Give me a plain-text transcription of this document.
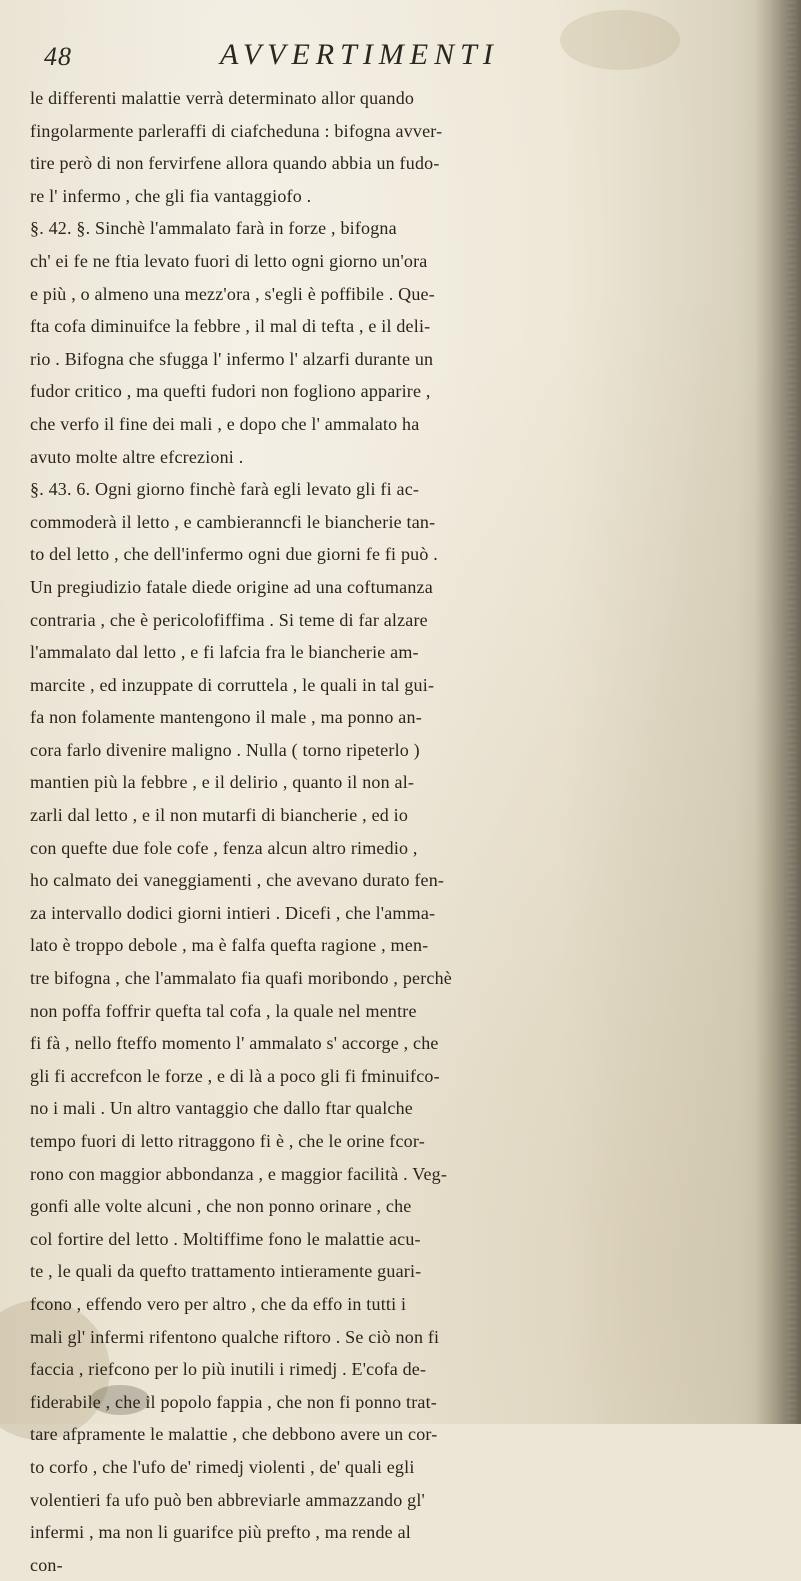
48	AVVERTIMENTI
le differenti malattie verrà determinato allor quando
fingolarmente parleraffi di ciafcheduna : bifogna avver-
tire però di non fervirfene allora quando abbia un fudo-
re l' infermo , che gli fia vantaggiofo .
§. 42. §. Sinchè l'ammalato farà in forze , bifogna
ch' ei fe ne ftia levato fuori di letto ogni giorno un'ora
e più , o almeno una mezz'ora , s'egli è poffibile . Que-
fta cofa diminuifce la febbre , il mal di tefta , e il deli-
rio . Bifogna che sfugga l' infermo l' alzarfi durante un
fudor critico , ma quefti fudori non fogliono apparire ,
che verfo il fine dei mali , e dopo che l' ammalato ha
avuto molte altre efcrezioni .
§. 43. 6. Ogni giorno finchè farà egli levato gli fi ac-
commoderà il letto , e cambieranncfi le biancherie tan-
to del letto , che dell'infermo ogni due giorni fe fi può .
Un pregiudizio fatale diede origine ad una coftumanza
contraria , che è pericolofiffima . Si teme di far alzare
l'ammalato dal letto , e fi lafcia fra le biancherie am-
marcite , ed inzuppate di corruttela , le quali in tal gui-
fa non folamente mantengono il male , ma ponno an-
cora farlo divenire maligno . Nulla ( torno ripeterlo )
mantien più la febbre , e il delirio , quanto il non al-
zarli dal letto , e il non mutarfi di biancherie , ed io
con quefte due fole cofe , fenza alcun altro rimedio ,
ho calmato dei vaneggiamenti , che avevano durato fen-
za intervallo dodici giorni intieri . Dicefi , che l'amma-
lato è troppo debole , ma è falfa quefta ragione , men-
tre bifogna , che l'ammalato fia quafi moribondo , perchè
non poffa foffrir quefta tal cofa , la quale nel mentre
fi fà , nello fteffo momento l' ammalato s' accorge , che
gli fi accrefcon le forze , e di là a poco gli fi fminuifco-
no i mali . Un altro vantaggio che dallo ftar qualche
tempo fuori di letto ritraggono fi è , che le orine fcor-
rono con maggior abbondanza , e maggior facilità . Veg-
gonfi alle volte alcuni , che non ponno orinare , che
col fortire del letto . Moltiffime fono le malattie acu-
te , le quali da quefto trattamento intieramente guari-
fcono , effendo vero per altro , che da effo in tutti i
mali gl' infermi rifentono qualche riftoro . Se ciò non fi
faccia , riefcono per lo più inutili i rimedj . E'cofa de-
fiderabile , che il popolo fappia , che non fi ponno trat-
tare afpramente le malattie , che debbono avere un cor-
to corfo , che l'ufo de' rimedj violenti , de' quali egli
volentieri fa ufo può ben abbreviarle ammazzando gl'
infermi , ma non li guarifce più prefto , ma rende al
con-
